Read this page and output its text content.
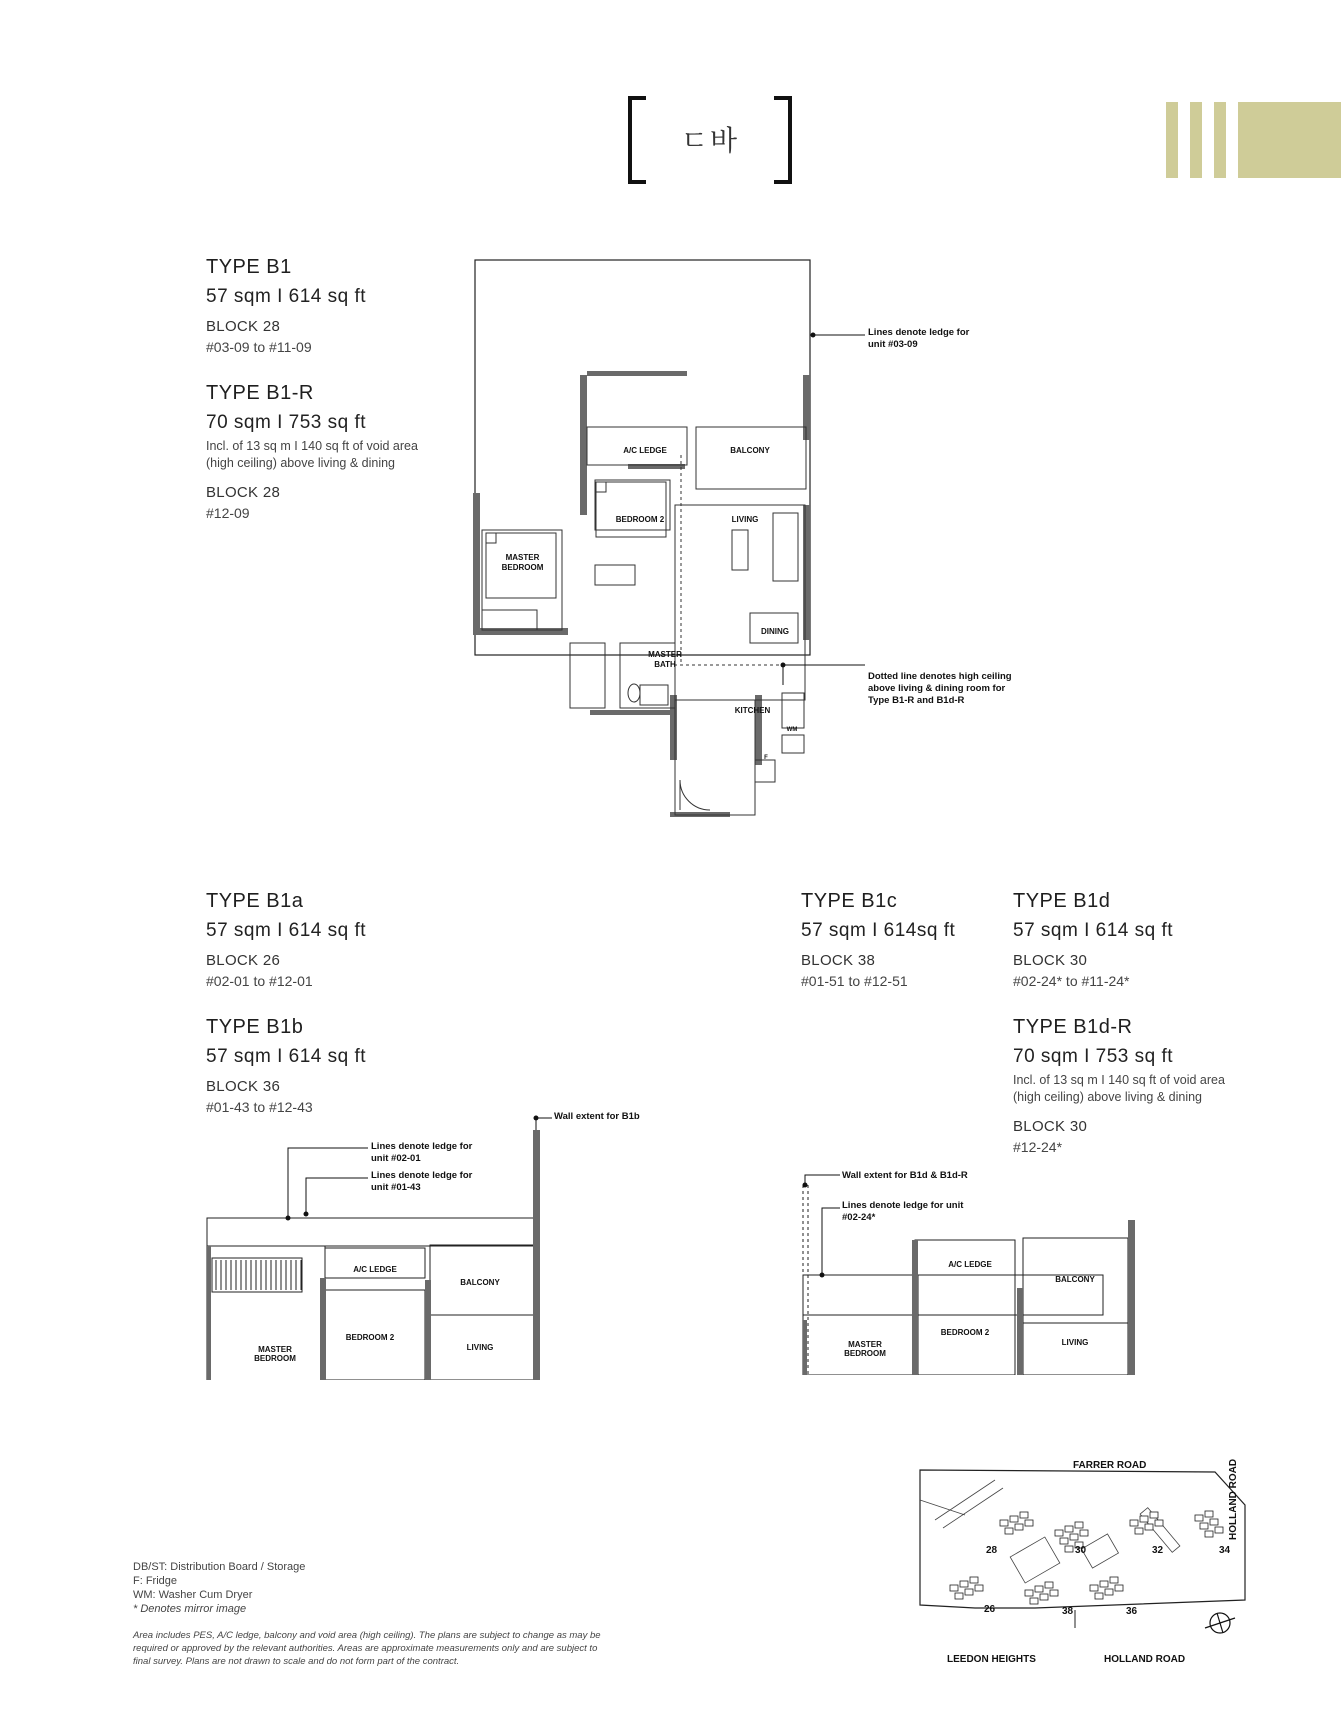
ㄷ바
TYPE B1
57 sqm I 614 sq ft
BLOCK 28
#03-09 to #11-09
TYPE B1-R
70 sqm I 753 sq ft
Incl. of 13 sq m I 140 sq ft of void area
(high ceiling) above living & dining
BLOCK 28
#12-09
A/C LEDGE	BALCONY
BEDROOM 2	LIVING
MASTER
BEDROOM
DINING
MASTER
BATH
KITCHEN
WM
F
Lines denote ledge for
unit #03-09
Dotted line denotes high ceiling
above living & dining room for
Type B1-R and B1d-R
TYPE B1a
57 sqm I 614 sq ft
BLOCK 26
#02-01 to #12-01
TYPE B1b
57 sqm I 614 sq ft
BLOCK 36
#01-43 to #12-43
TYPE B1c
57 sqm I 614sq ft
BLOCK 38
#01-51 to #12-51
TYPE B1d
57 sqm I 614 sq ft
BLOCK 30
#02-24* to #11-24*
TYPE B1d-R
70 sqm I 753 sq ft
Incl. of 13 sq m I 140 sq ft of void area
(high ceiling) above living & dining
BLOCK 30
#12-24*
Wall extent for B1b
Lines denote ledge for
unit #02-01
Lines denote ledge for
unit #01-43
A/C LEDGE
BALCONY
MASTER
BEDROOM
BEDROOM 2
LIVING
Wall extent for B1d & B1d-R
Lines denote ledge for unit
#02-24*
A/C LEDGE
BALCONY
MASTER
BEDROOM
BEDROOM 2
LIVING
DB/ST: Distribution Board / Storage
F: Fridge
WM: Washer Cum Dryer
* Denotes mirror image
Area includes PES, A/C ledge, balcony and void area (high ceiling). The plans are subject to change as may be
required or approved by the relevant authorities. Areas are approximate measurements only and are subject to
final survey. Plans are not drawn to scale and do not form part of the contract.
FARRER ROAD	HOLLAND ROAD
LEEDON HEIGHTS	HOLLAND ROAD
28	30	32	34
26	38	36
